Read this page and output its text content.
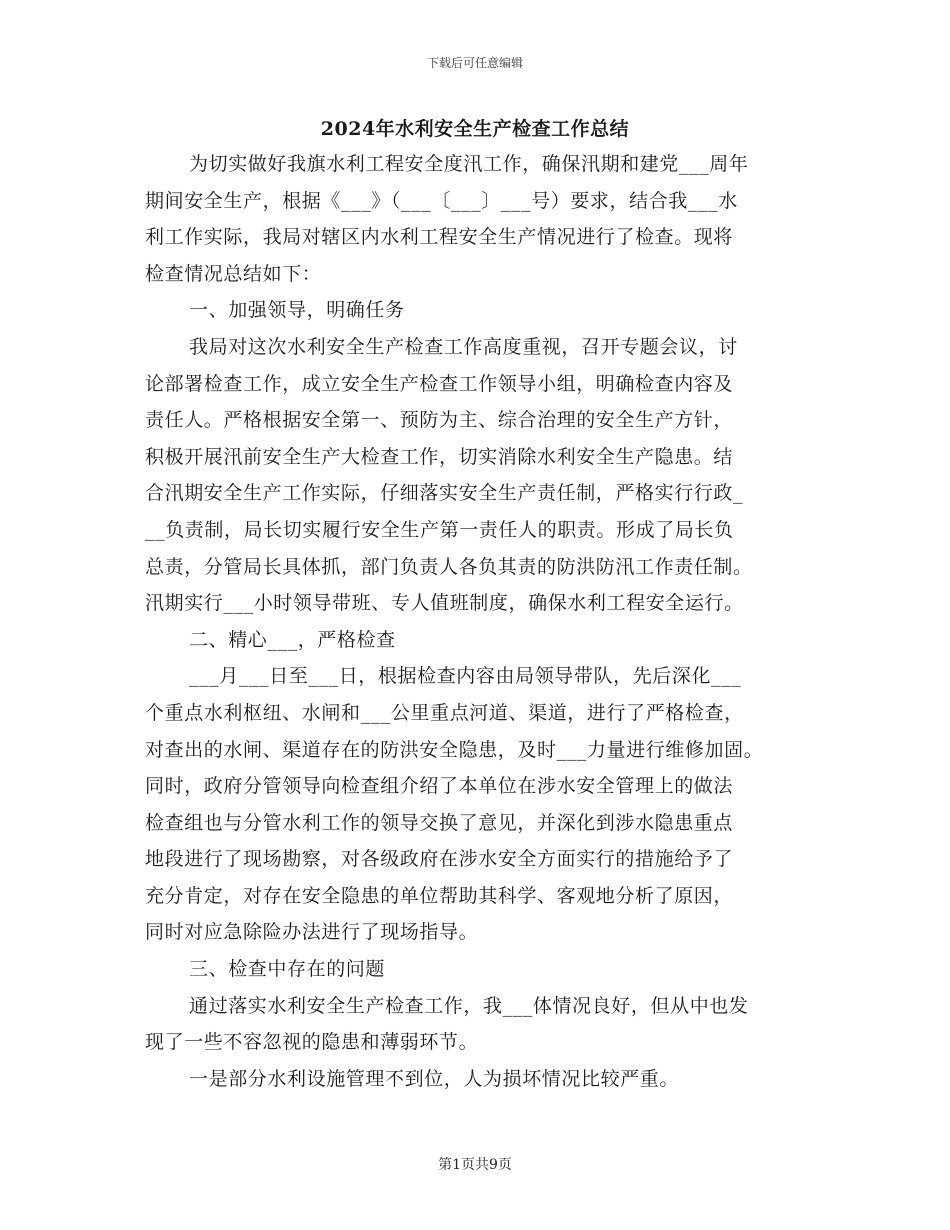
下载后可任意编辑
2024年水利安全生产检查工作总结
为切实做好我旗水利工程安全度汛工作，确保汛期和建党___周年
期间安全生产，根据《___》（___〔___〕___号）要求，结合我___水
利工作实际，我局对辖区内水利工程安全生产情况进行了检查。现将
检查情况总结如下：
一、加强领导，明确任务
我局对这次水利安全生产检查工作高度重视，召开专题会议，讨
论部署检查工作，成立安全生产检查工作领导小组，明确检查内容及
责任人。严格根据安全第一、预防为主、综合治理的安全生产方针，
积极开展汛前安全生产大检查工作，切实消除水利安全生产隐患。结
合汛期安全生产工作实际，仔细落实安全生产责任制，严格实行行政_
__负责制，局长切实履行安全生产第一责任人的职责。形成了局长负
总责，分管局长具体抓，部门负责人各负其责的防洪防汛工作责任制。
汛期实行___小时领导带班、专人值班制度，确保水利工程安全运行。
二、精心___，严格检查
___月___日至___日，根据检查内容由局领导带队，先后深化___
个重点水利枢纽、水闸和___公里重点河道、渠道，进行了严格检查，
对查出的水闸、渠道存在的防洪安全隐患，及时___力量进行维修加固。
同时，政府分管领导向检查组介绍了本单位在涉水安全管理上的做法
检查组也与分管水利工作的领导交换了意见，并深化到涉水隐患重点
地段进行了现场勘察，对各级政府在涉水安全方面实行的措施给予了
充分肯定，对存在安全隐患的单位帮助其科学、客观地分析了原因，
同时对应急除险办法进行了现场指导。
三、检查中存在的问题
通过落实水利安全生产检查工作，我___体情况良好，但从中也发
现了一些不容忽视的隐患和薄弱环节。
一是部分水利设施管理不到位，人为损坏情况比较严重。
第1页共9页
